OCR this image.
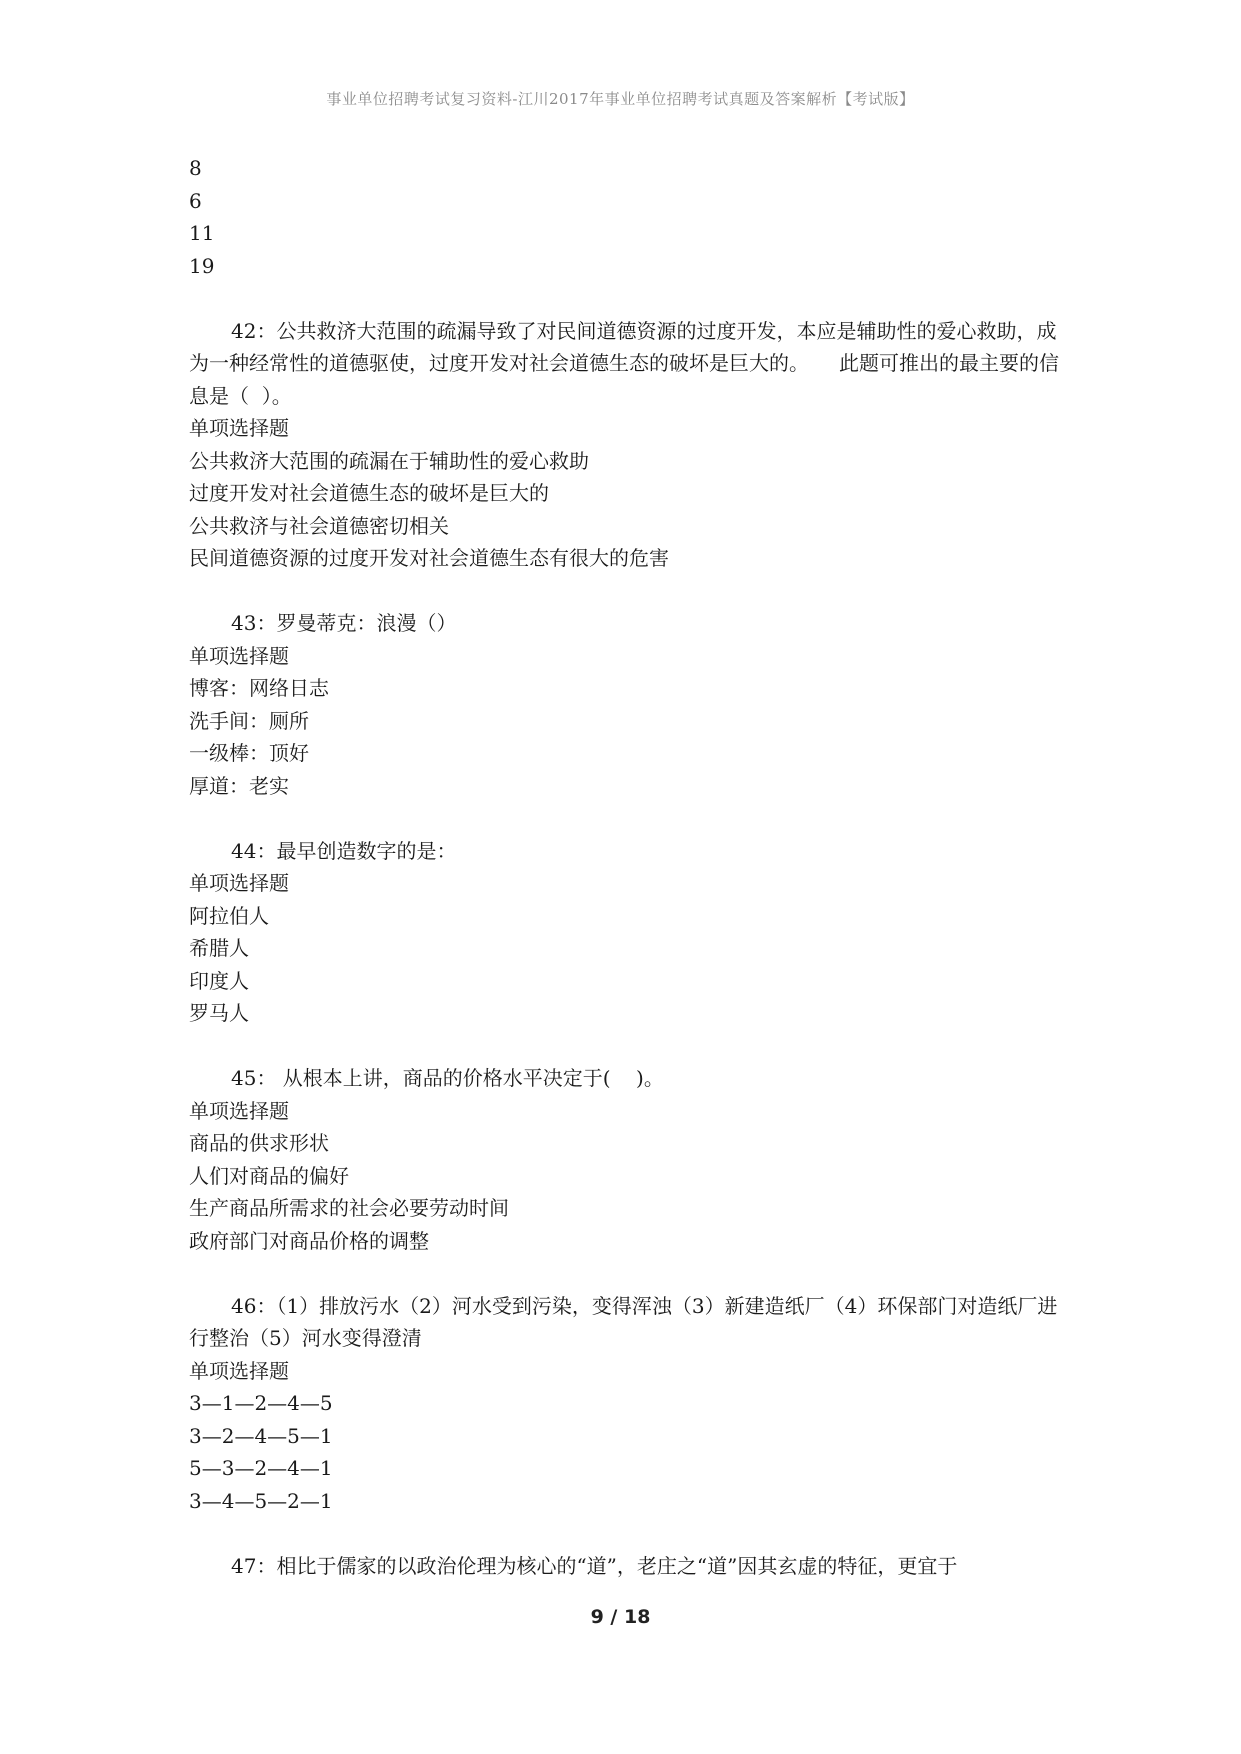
事业单位招聘考试复习资料-江川2017年事业单位招聘考试真题及答案解析【考试版】
8
6
11
19
42：公共救济大范围的疏漏导致了对民间道德资源的过度开发，本应是辅助性的爱心救助，成为一种经常性的道德驱使，过度开发对社会道德生态的破坏是巨大的。　　此题可推出的最主要的信息是（  ）。
单项选择题
公共救济大范围的疏漏在于辅助性的爱心救助
过度开发对社会道德生态的破坏是巨大的
公共救济与社会道德密切相关
民间道德资源的过度开发对社会道德生态有很大的危害
43：罗曼蒂克：浪漫（）
单项选择题
博客：网络日志
洗手间：厕所
一级棒：顶好
厚道：老实
44：最早创造数字的是：
单项选择题
阿拉伯人
希腊人
印度人
罗马人
45： 从根本上讲，商品的价格水平决定于(    )。
单项选择题
商品的供求形状
人们对商品的偏好
生产商品所需求的社会必要劳动时间
政府部门对商品价格的调整
46：（1）排放污水（2）河水受到污染，变得浑浊（3）新建造纸厂（4）环保部门对造纸厂进行整治（5）河水变得澄清
单项选择题
3—1—2—4—5
3—2—4—5—1
5—3—2—4—1
3—4—5—2—1
47：相比于儒家的以政治伦理为核心的“道”，老庄之“道”因其玄虚的特征，更宜于
9 / 18
